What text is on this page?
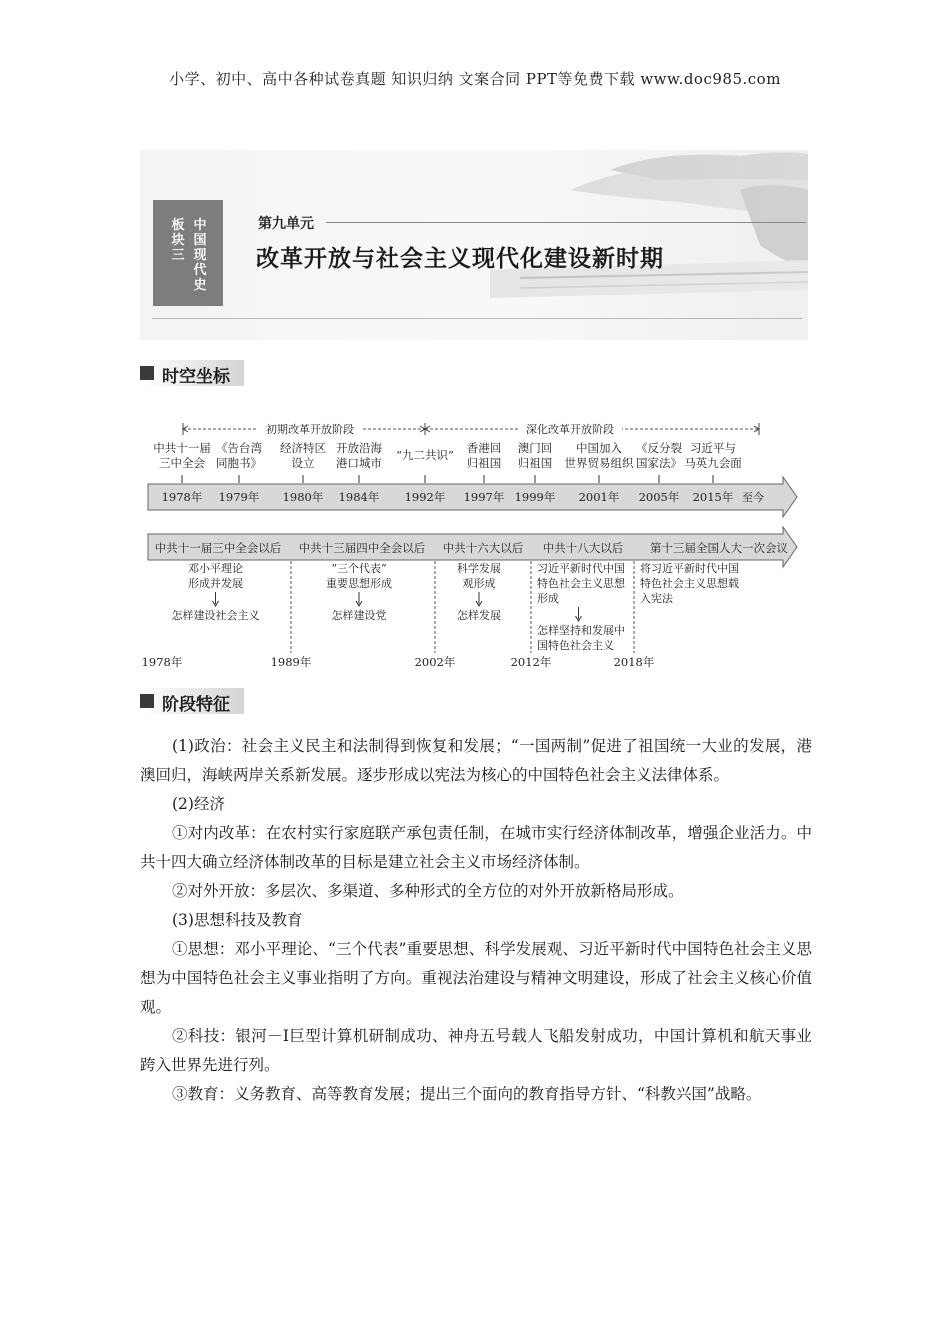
小学、初中、高中各种试卷真题 知识归纳 文案合同 PPT等免费下载 www.doc985.com
板块三
中国现代史
第九单元
改革开放与社会主义现代化建设新时期
时空坐标
初期改革开放阶段	深化改革开放阶段
中共十一届
三中全会
《告台湾
同胞书》
经济特区
设立
开放沿海
港口城市
“九二共识” 香港回
归祖国
澳门回
归祖国
中国加入
世界贸易组织
《反分裂
国家法》
习近平与
马英九会面
1978年 1979年 1980年 1984年 1992年 1997年 1999年 2001年 2005年 2015年 至今
中共十一届三中全会以后
邓小平理论
形成并发展
怎样建设社会主义
1978年
中共十三届四中全会以后
“三个代表”
重要思想形成
怎样建设党
1989年
中共十六大以后
科学发展
观形成
怎样发展
2002年
中共十八大以后
习近平新时代中国
特色社会主义思想
形成
怎样坚持和发展中
国特色社会主义
2012年
第十三届全国人大一次会议
将习近平新时代中国
特色社会主义思想载
入宪法
2018年
阶段特征

(1)政治：社会主义民主和法制得到恢复和发展；“一国两制”促进了祖国统一大业的发展，港澳回归，海峡两岸关系新发展。逐步形成以宪法为核心的中国特色社会主义法律体系。

(2)经济

①对内改革：在农村实行家庭联产承包责任制，在城市实行经济体制改革，增强企业活力。中共十四大确立经济体制改革的目标是建立社会主义市场经济体制。

②对外开放：多层次、多渠道、多种形式的全方位的对外开放新格局形成。

(3)思想科技及教育

①思想：邓小平理论、“三个代表”重要思想、科学发展观、习近平新时代中国特色社会主义思想为中国特色社会主义事业指明了方向。重视法治建设与精神文明建设，形成了社会主义核心价值观。

②科技：银河－Ⅰ巨型计算机研制成功、神舟五号载人飞船发射成功，中国计算机和航天事业跨入世界先进行列。

③教育：义务教育、高等教育发展；提出三个面向的教育指导方针、“科教兴国”战略。
